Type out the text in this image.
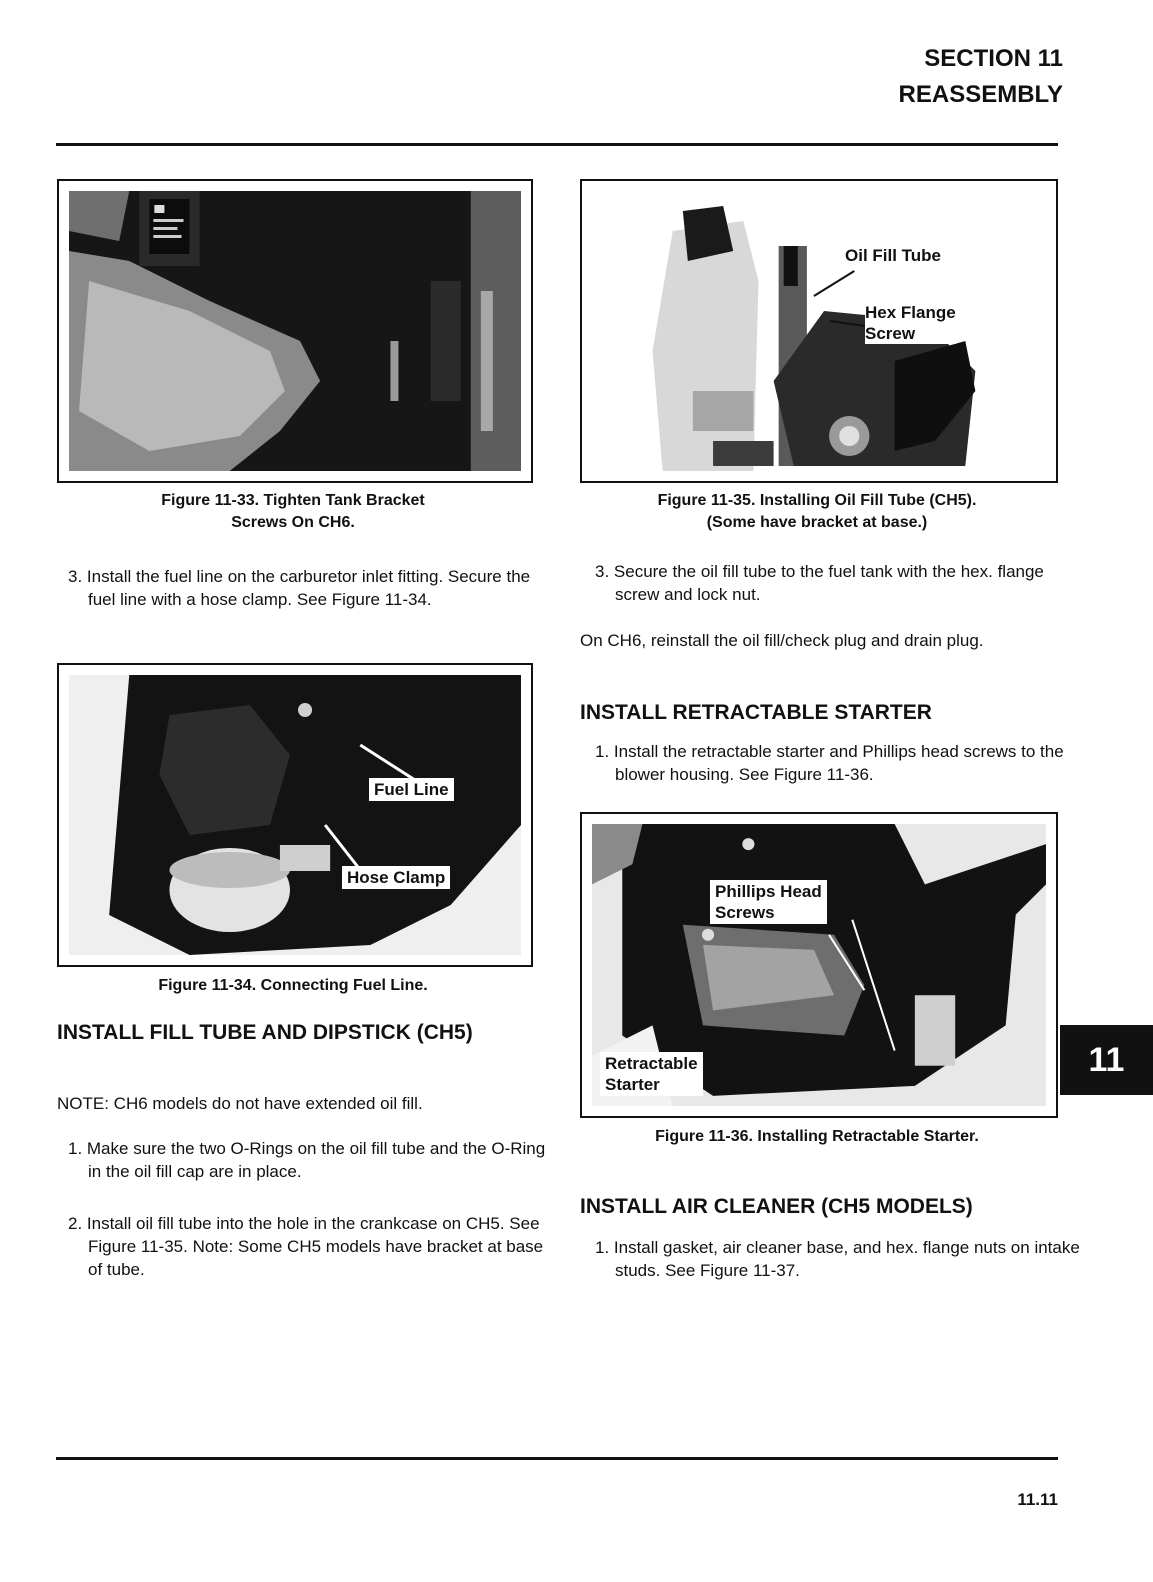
SECTION 11
REASSEMBLY
Figure 11-33. Tighten Tank Bracket
Screws On CH6.
3. Install the fuel line on the carburetor inlet fitting. Secure the fuel line with a hose clamp. See Figure 11-34.
Fuel Line
Hose Clamp
Figure 11-34. Connecting Fuel Line.
INSTALL FILL TUBE AND DIPSTICK (CH5)
NOTE: CH6 models do not have extended oil fill.
1. Make sure the two O-Rings on the oil fill tube and the O-Ring in the oil fill cap are in place.
2. Install oil fill tube into the hole in the crankcase on CH5. See Figure 11-35. Note: Some CH5 models have bracket at base of tube.
Oil Fill Tube
Hex Flange
Screw
Figure 11-35. Installing Oil Fill Tube (CH5).
(Some have bracket at base.)
3. Secure the oil fill tube to the fuel tank with the hex. flange screw and lock nut.
On CH6, reinstall the oil fill/check plug and drain plug.
INSTALL RETRACTABLE STARTER
1. Install the retractable starter and Phillips head screws to the blower housing. See Figure 11-36.
Phillips Head
Screws
Retractable
Starter
Figure 11-36. Installing Retractable Starter.
INSTALL AIR CLEANER (CH5 MODELS)
1. Install gasket, air cleaner base, and hex. flange nuts on intake studs. See Figure 11-37.
11
11.11
